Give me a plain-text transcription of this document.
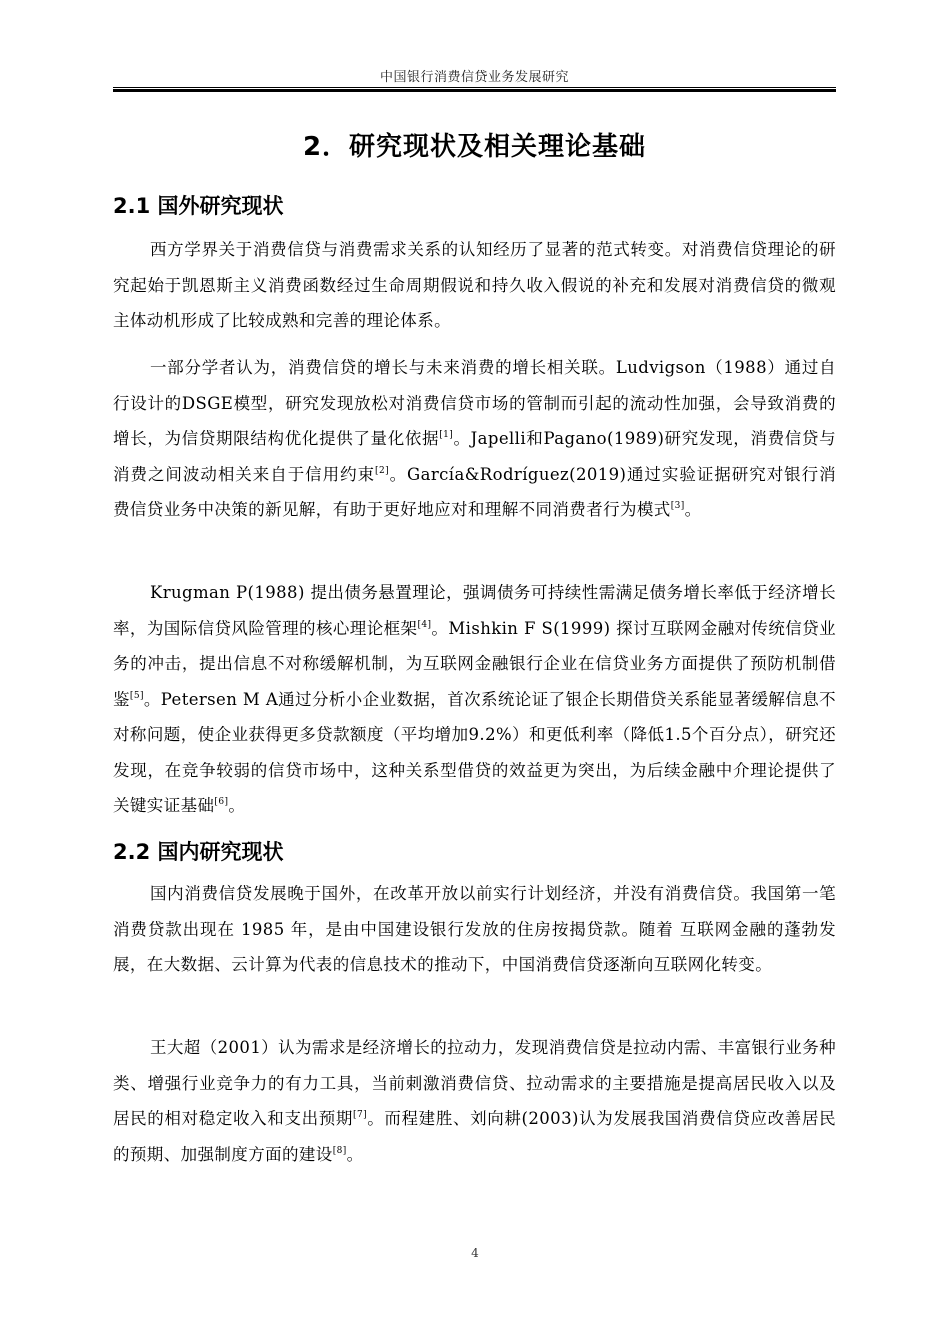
中国银行消费信贷业务发展研究
2．研究现状及相关理论基础
2.1 国外研究现状

西方学界关于消费信贷与消费需求关系的认知经历了显著的范式转变。对消费信贷理论的研究起始于凯恩斯主义消费函数经过生命周期假说和持久收入假说的补充和发展对消费信贷的微观主体动机形成了比较成熟和完善的理论体系。

一部分学者认为，消费信贷的增长与未来消费的增长相关联。Ludvigson（1988）通过自行设计的DSGE模型，研究发现放松对消费信贷市场的管制而引起的流动性加强，会导致消费的增长，为信贷期限结构优化提供了量化依据[1]。Japelli和Pagano(1989)研究发现，消费信贷与消费之间波动相关来自于信用约束[2]。García&Rodríguez(2019)通过实验证据研究对银行消费信贷业务中决策的新见解，有助于更好地应对和理解不同消费者行为模式[3]。

Krugman P(1988) 提出债务悬置理论，强调债务可持续性需满足债务增长率低于经济增长率，为国际信贷风险管理的核心理论框架[4]。Mishkin F S(1999) 探讨互联网金融对传统信贷业务的冲击，提出信息不对称缓解机制，为互联网金融银行企业在信贷业务方面提供了预防机制借鉴[5]。Petersen M A通过分析小企业数据，首次系统论证了银企长期借贷关系能显著缓解信息不对称问题，使企业获得更多贷款额度（平均增加9.2%）和更低利率（降低1.5个百分点），研究还发现，在竞争较弱的信贷市场中，这种关系型借贷的效益更为突出，为后续金融中介理论提供了关键实证基础[6]。

2.2 国内研究现状

国内消费信贷发展晚于国外，在改革开放以前实行计划经济，并没有消费信贷。我国第一笔消费贷款出现在 1985 年，是由中国建设银行发放的住房按揭贷款。随着 互联网金融的蓬勃发展，在大数据、云计算为代表的信息技术的推动下，中国消费信贷逐渐向互联网化转变。

王大超（2001）认为需求是经济增长的拉动力，发现消费信贷是拉动内需、丰富银行业务种类、增强行业竞争力的有力工具，当前刺激消费信贷、拉动需求的主要措施是提高居民收入以及居民的相对稳定收入和支出预期[7]。而程建胜、刘向耕(2003)认为发展我国消费信贷应改善居民的预期、加强制度方面的建设[8]。

4
